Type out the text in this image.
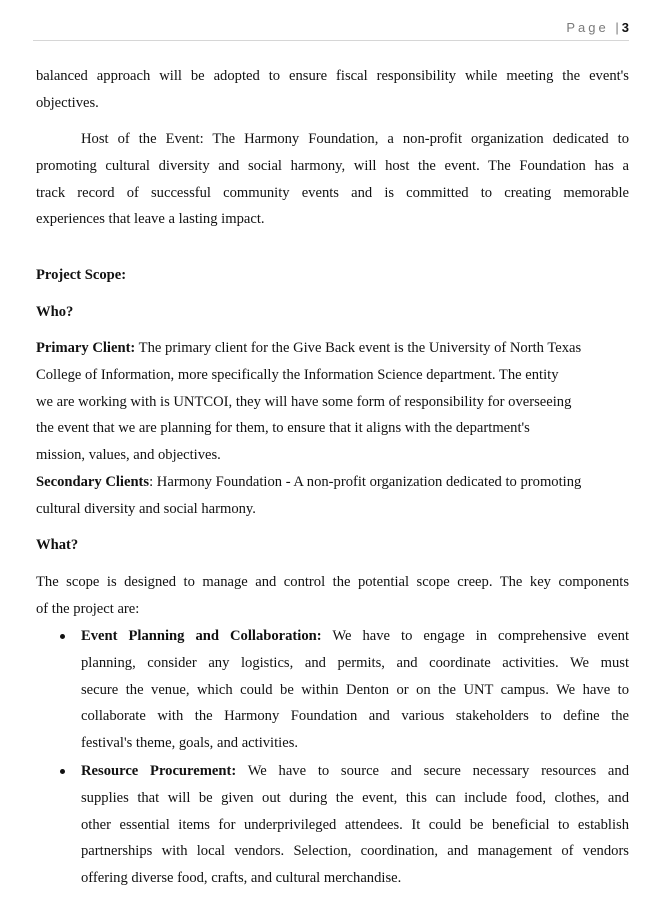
Page |3
balanced approach will be adopted to ensure fiscal responsibility while meeting the event's
objectives.
Host of the Event: The Harmony Foundation, a non-profit organization dedicated to
promoting cultural diversity and social harmony, will host the event. The Foundation has a
track record of successful community events and is committed to creating memorable
experiences that leave a lasting impact.
Project Scope:
Who?
Primary Client: The primary client for the Give Back event is the University of North Texas
College of Information, more specifically the Information Science department. The entity
we are working with is UNTCOI, they will have some form of responsibility for overseeing
the event that we are planning for them, to ensure that it aligns with the department's
mission, values, and objectives.
Secondary Clients: Harmony Foundation - A non-profit organization dedicated to promoting
cultural diversity and social harmony.
What?
The scope is designed to manage and control the potential scope creep. The key components
of the project are:
Event Planning and Collaboration: We have to engage in comprehensive event
planning, consider any logistics, and permits, and coordinate activities. We must
secure the venue, which could be within Denton or on the UNT campus. We have to
collaborate with the Harmony Foundation and various stakeholders to define the
festival's theme, goals, and activities.
Resource Procurement: We have to source and secure necessary resources and
supplies that will be given out during the event, this can include food, clothes, and
other essential items for underprivileged attendees. It could be beneficial to establish
partnerships with local vendors. Selection, coordination, and management of vendors
offering diverse food, crafts, and cultural merchandise.
